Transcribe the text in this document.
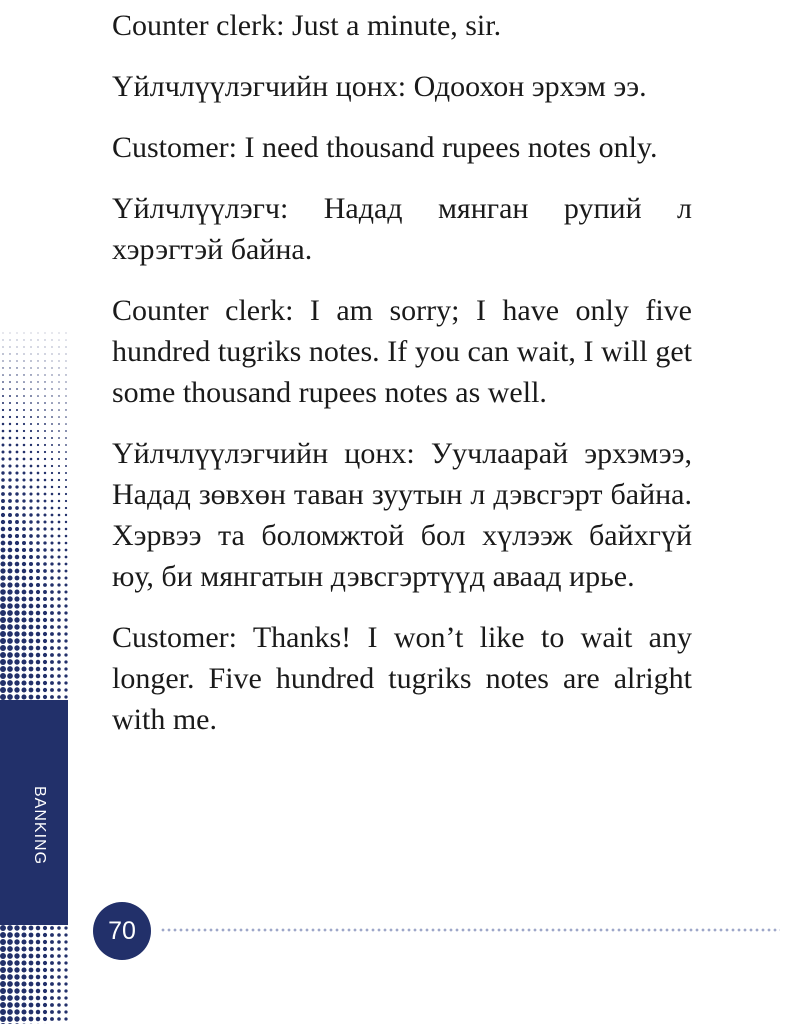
BANKING

Counter clerk: Just a minute, sir.

Үйлчлүүлэгчийн цонх: Одоохон эрхэм ээ.

Customer: I need thousand rupees notes only.

Үйлчлүүлэгч: Надад мянган рупий л хэрэгтэй байна.

Counter clerk: I am sorry; I have only five hundred tugriks notes. If you can wait, I will get some thousand rupees notes as well.

Үйлчлүүлэгчийн цонх: Уучлаарай эрхэмээ, Надад зөвхөн таван зуутын л дэвсгэрт байна. Хэрвээ та боломжтой бол хүлээж байхгүй юу, би мянгатын дэвсгэртүүд аваад ирье.

Customer: Thanks! I won’t like to wait any longer. Five hundred tugriks notes are alright with me.

70
